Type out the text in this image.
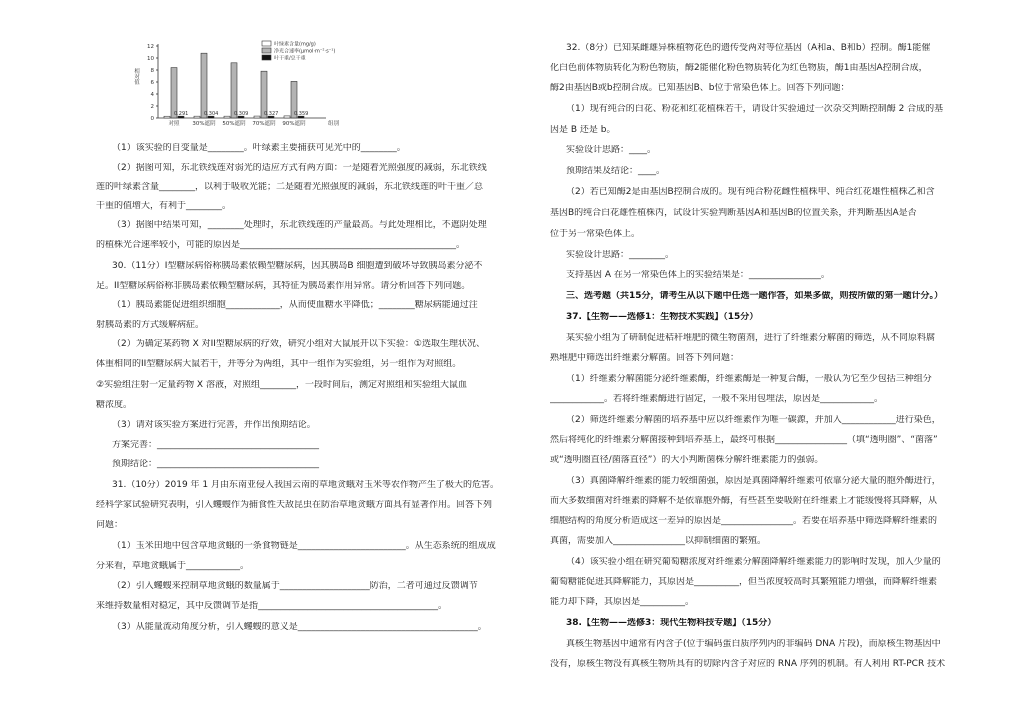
0
2
4
6
8
10
12
相对值
0.291
对照
0.304
30%遮阴
0.309
50%遮阴
0.327
70%遮阴
0.359
90%遮阴	组别
叶绿素含量(mg/g)
净光合速率(μmol·m⁻²·s⁻¹)
叶干重/总干重
（1）该实验的自变量是________。叶绿素主要捕获可见光中的________。
（2）据图可知，东北铁线莲对弱光的适应方式有两方面：一是随着光照强度的减弱，东北铁线
莲的叶绿素含量________，以利于吸收光能；二是随着光照强度的减弱，东北铁线莲的叶干重／总
干重的值增大，有利于________。
（3）据图中结果可知，________处理时，东北铁线莲的产量最高。与此处理相比，不遮阴处理
的植株光合速率较小，可能的原因是________________________________________________。
30.（11分）I型糖尿病俗称胰岛素依赖型糖尿病，因其胰岛B 细胞遭到破坏导致胰岛素分泌不
足。II型糖尿病俗称非胰岛素依赖型糖尿病，其特征为胰岛素作用异常。请分析回答下列问题。
（1）胰岛素能促进组织细胞____________，从而使血糖水平降低；________糖尿病能通过注
射胰岛素的方式缓解病症。
（2）为确定某药物 X 对II型糖尿病的疗效，研究小组对大鼠展开以下实验：①选取生理状况、
体重相同的II型糖尿病大鼠若干，并等分为两组，其中一组作为实验组，另一组作为对照组。
②实验组注射一定量药物 X 溶液，对照组________，一段时间后，测定对照组和实验组大鼠血
糖浓度。
（3）请对该实验方案进行完善，并作出预期结论。
方案完善：____________________________________
预期结论：____________________________________
31.（10分）2019 年 1 月由东南亚侵入我国云南的草地贪蛾对玉米等农作物产生了极大的危害。
经科学家试验研究表明，引入蠼螋作为捕食性天敌昆虫在防治草地贪蛾方面具有显著作用。回答下列
问题：
（1）玉米田地中包含草地贪蛾的一条食物链是________________________。从生态系统的组成成
分来看，草地贪蛾属于____________。
（2）引入蠼螋来控制草地贪蛾的数量属于____________________防治，二者可通过反馈调节
来维持数量相对稳定，其中反馈调节是指________________________________________。
（3）从能量流动角度分析，引入蠼螋的意义是________________________________________。
32.（8分）已知某雌雄异株植物花色的遗传受两对等位基因（A和a、B和b）控制。酶1能催
化白色前体物质转化为粉色物质，酶2能催化粉色物质转化为红色物质，酶1由基因A控制合成，
酶2由基因B或b控制合成。已知基因B、b位于常染色体上。回答下列问题：
（1）现有纯合的白花、粉花和红花植株若干，请设计实验通过一次杂交判断控制酶 2 合成的基
因是 B 还是 b。
实验设计思路：____。
预期结果及结论：____。
（2）若已知酶2是由基因B控制合成的。现有纯合粉花雌性植株甲、纯合红花雄性植株乙和含
基因B的纯合白花雄性植株丙，试设计实验判断基因A和基因B的位置关系，并判断基因A是否
位于另一常染色体上。
实验设计思路：________。
支持基因 A 在另一常染色体上的实验结果是：________________。
三、选考题（共15分，请考生从以下题中任选一题作答，如果多做，则按所做的第一题计分。）
37.【生物——选修1：生物技术实践】（15分）
某实验小组为了研制促进秸秆堆肥的微生物菌剂，进行了纤维素分解菌的筛选，从不同原料腐
熟堆肥中筛选出纤维素分解菌。回答下列问题：
（1）纤维素分解菌能分泌纤维素酶，纤维素酶是一种复合酶，一般认为它至少包括三种组分
____________。若将纤维素酶进行固定，一般不采用包埋法，原因是____________。
（2）筛选纤维素分解菌的培养基中应以纤维素作为唯一碳源，并加入____________进行染色，
然后将纯化的纤维素分解菌接种到培养基上，最终可根据________________（填“透明圈”、“菌落”
或“透明圈直径/菌落直径”）的大小判断菌株分解纤维素能力的强弱。
（3）真菌降解纤维素的能力较细菌强，原因是真菌降解纤维素可依靠分泌大量的胞外酶进行，
而大多数细菌对纤维素的降解不是依靠胞外酶，有些甚至要吸附在纤维素上才能缓慢将其降解，从
细胞结构的角度分析造成这一差异的原因是________________。若要在培养基中筛选降解纤维素的
真菌，需要加入________________以抑制细菌的繁殖。
（4）该实验小组在研究葡萄糖浓度对纤维素分解菌降解纤维素能力的影响时发现，加入少量的
葡萄糖能促进其降解能力，其原因是__________，但当浓度较高时其繁殖能力增强，而降解纤维素
能力却下降，其原因是__________。
38.【生物——选修3：现代生物科技专题】（15分）
真核生物基因中通常有内含子(位于编码蛋白质序列内的非编码 DNA 片段)，而原核生物基因中
没有，原核生物没有真核生物所具有的切除内含子对应的 RNA 序列的机制。有人利用 RT-PCR 技术
